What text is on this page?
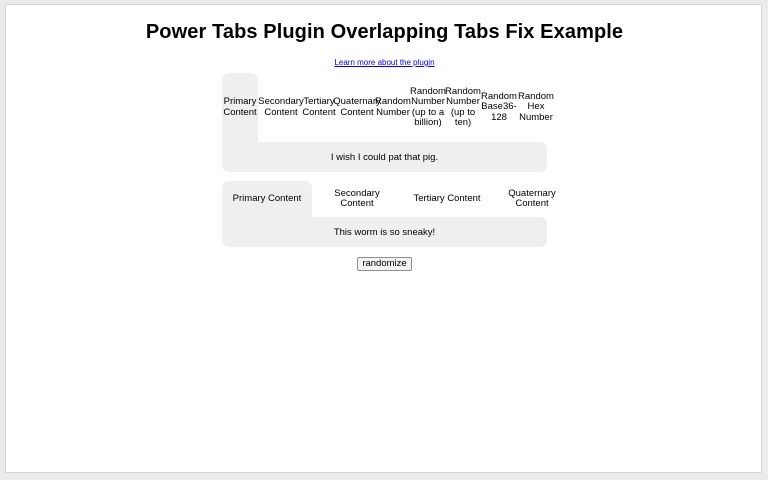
Power Tabs Plugin Overlapping Tabs Fix Example
Learn more about the plugin
Primary Content
Secondary Content
Tertiary Content
Quaternary Content
Random Number
Random Number (up to a billion)
Random Number (up to ten)
Random Base36-128
Random Hex Number
I wish I could pat that pig.
Primary Content	Secondary Content	Tertiary Content	Quaternary Content
This worm is so sneaky!
randomize
